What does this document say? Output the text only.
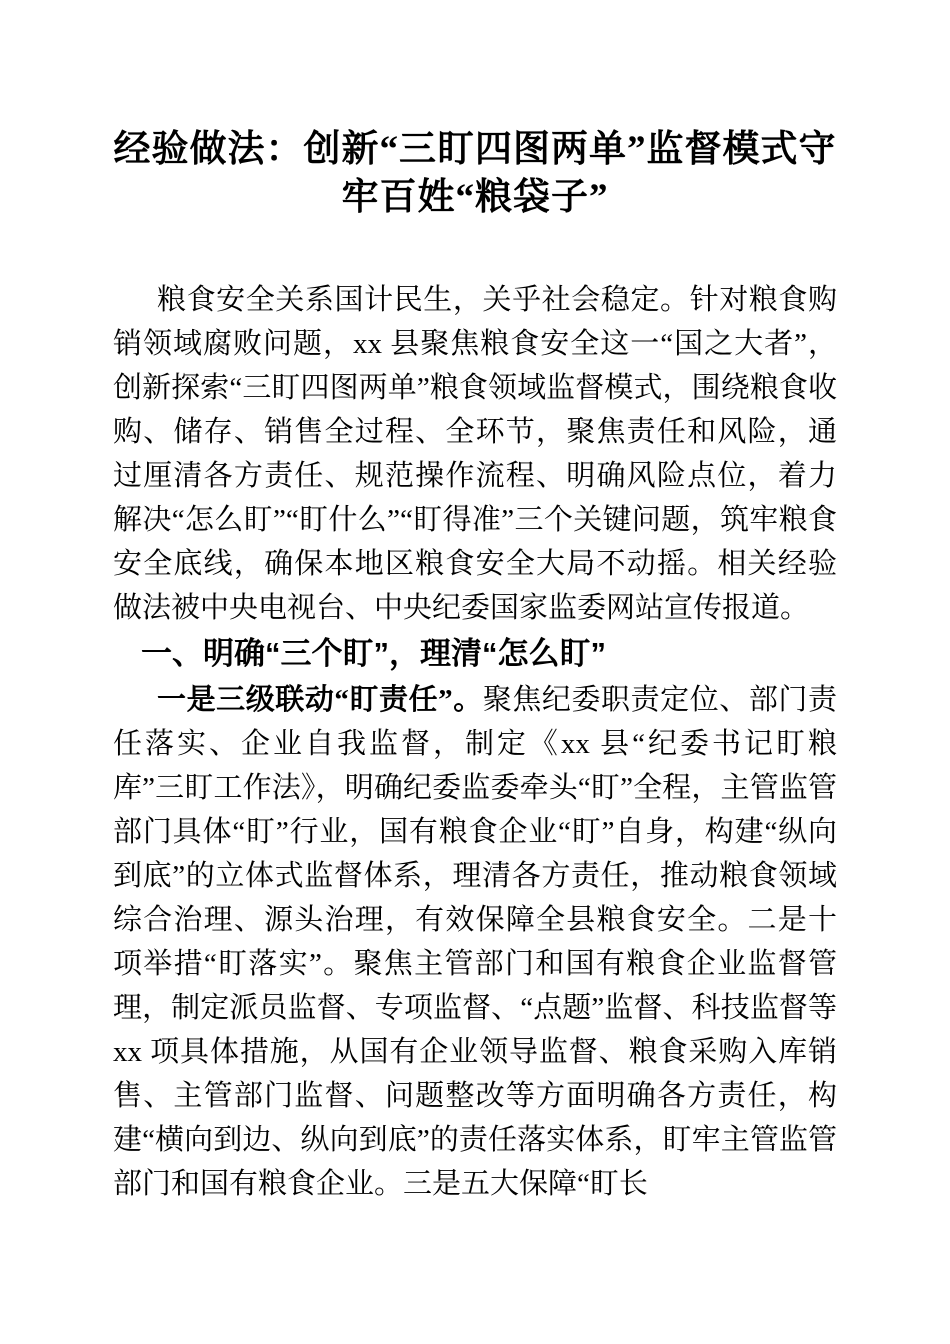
经验做法：创新“三盯四图两单”监督模式守牢百姓“粮袋子”

粮食安全关系国计民生，关乎社会稳定。针对粮食购销领域腐败问题，xx 县聚焦粮食安全这一“国之大者”，创新探索“三盯四图两单”粮食领域监督模式，围绕粮食收购、储存、销售全过程、全环节，聚焦责任和风险，通过厘清各方责任、规范操作流程、明确风险点位，着力解决“怎么盯”“盯什么”“盯得准”三个关键问题，筑牢粮食安全底线，确保本地区粮食安全大局不动摇。相关经验做法被中央电视台、中央纪委国家监委网站宣传报道。

一、明确“三个盯”，理清“怎么盯”

一是三级联动“盯责任”。聚焦纪委职责定位、部门责任落实、企业自我监督，制定《xx 县“纪委书记盯粮库”三盯工作法》，明确纪委监委牵头“盯”全程，主管监管部门具体“盯”行业，国有粮食企业“盯”自身，构建“纵向到底”的立体式监督体系，理清各方责任，推动粮食领域综合治理、源头治理，有效保障全县粮食安全。二是十项举措“盯落实”。聚焦主管部门和国有粮食企业监督管理，制定派员监督、专项监督、“点题”监督、科技监督等xx 项具体措施，从国有企业领导监督、粮食采购入库销售、主管部门监督、问题整改等方面明确各方责任，构建“横向到边、纵向到底”的责任落实体系，盯牢主管监管部门和国有粮食企业。三是五大保障“盯长
